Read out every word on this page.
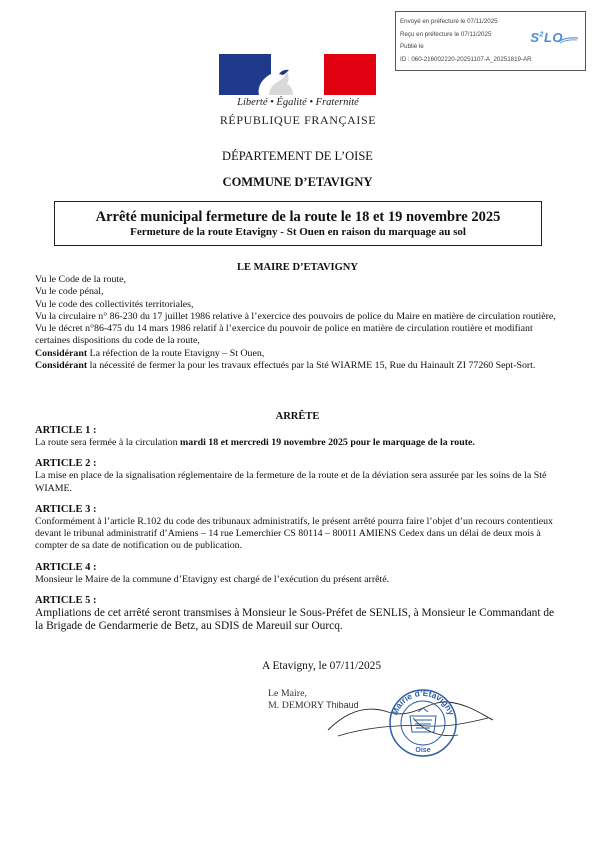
Envoyé en préfecture le 07/11/2025
Reçu en préfecture le 07/11/2025
Publié le
ID : 060-216002220-20251107-A_20251819-AR
$S^2LO$
Liberté • Égalité • Fraternité
RÉPUBLIQUE FRANÇAISE
DÉPARTEMENT DE L’OISE
COMMUNE D’ETAVIGNY
Arrêté municipal fermeture de la route le 18 et 19 novembre 2025
Fermeture de la route Etavigny - St Ouen en raison du marquage au sol
LE MAIRE D’ETAVIGNY

Vu le Code de la route,

Vu le code pénal,

Vu le code des collectivités territoriales,

Vu la circulaire n° 86-230 du 17 juillet 1986 relative à l’exercice des pouvoirs de police du Maire en matière de circulation routière,

Vu le décret n°86-475 du 14 mars 1986 relatif à l’exercice du pouvoir de police en matière de circulation routière et modifiant certaines dispositions du code de la route,

Considérant La réfection de la route Etavigny – St Ouen,

Considérant la nécessité de fermer la pour les travaux effectués par la Sté WIARME 15, Rue du Hainault ZI 77260 Sept-Sort.

ARRÊTE
ARTICLE 1 :

La route sera fermée à la circulation mardi 18 et mercredi 19 novembre 2025 pour le marquage de la route.

ARTICLE 2 :

La mise en place de la signalisation réglementaire de la fermeture de la route et de la déviation sera assurée par les soins de la Sté WIAME.

ARTICLE 3 :

Conformément à l’article R.102 du code des tribunaux administratifs, le présent arrêté pourra faire l’objet d’un recours contentieux devant le tribunal administratif d’Amiens – 14 rue Lemerchier CS 80114 – 80011 AMIENS Cedex dans un délai de deux mois à compter de sa date de notification ou de publication.

ARTICLE 4 :

Monsieur le Maire de la commune d’Etavigny est chargé de l’exécution du présent arrêté.

ARTICLE 5 :

Ampliations de cet arrêté seront transmises à Monsieur le Sous-Préfet de SENLIS, à Monsieur le Commandant de la Brigade de Gendarmerie de Betz, au SDIS de Mareuil sur Ourcq.

A Etavigny, le 07/11/2025
Le Maire,
M. DEMORY Thibaud
Mairie d’Etavigny
Oise
